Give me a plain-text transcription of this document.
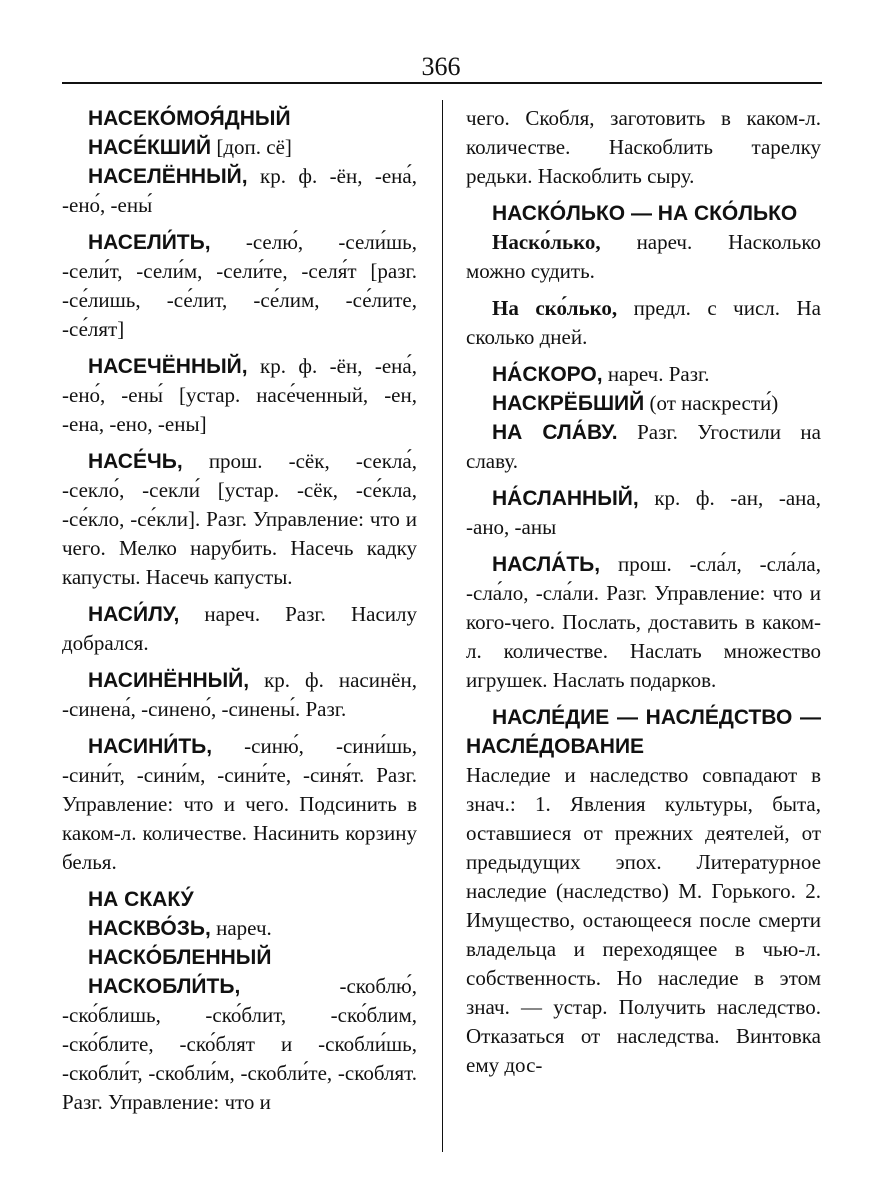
366

НАСЕКО́МОЯ́ДНЫЙ

НАСЕ́КШИЙ [доп. сё]

НАСЕЛЁННЫЙ, кр. ф. -ён, -ена́, -ено́, -ены́

НАСЕЛИ́ТЬ, -селю́, -сели́шь, -сели́т, -сели́м, -сели́те, -селя́т [разг. -се́лишь, -се́лит, -се́лим, -се́лите, -се́лят]

НАСЕЧЁННЫЙ, кр. ф. -ён, -ена́, -ено́, -ены́ [устар. насе́ченный, -ен, -ена, -ено, -ены]

НАСЕ́ЧЬ, прош. -сёк, -секла́, -секло́, -секли́ [устар. -сёк, -се́кла, -се́кло, -се́кли]. Разг. Управление: что и чего. Мелко нарубить. Насечь кадку капусты. Насечь капусты.

НАСИ́ЛУ, нареч. Разг. Насилу добрался.

НАСИНЁННЫЙ, кр. ф. насинён, -синена́, -синено́, -синены́. Разг.

НАСИНИ́ТЬ, -синю́, -сини́шь, -сини́т, -сини́м, -сини́те, -синя́т. Разг. Управление: что и чего. Подсинить в каком-л. количестве. Насинить корзину белья.

НА СКАКУ́

НАСКВО́ЗЬ, нареч.

НАСКО́БЛЕННЫЙ

НАСКОБЛИ́ТЬ, -скоблю́, -ско́блишь, -ско́блит, -ско́блим, -ско́блите, -ско́блят и -скобли́шь, -скобли́т, -скобли́м, -скобли́те, -скоблят. Разг. Управление: что и

чего. Скобля, заготовить в каком-л. количестве. Наскоблить тарелку редьки. Наскоблить сыру.

НАСКО́ЛЬКО — НА СКО́ЛЬКО

Наско́лько, нареч. Насколько можно судить.

На ско́лько, предл. с числ. На сколько дней.

НА́СКОРО, нареч. Разг.

НАСКРЁБШИЙ (от наскрести́)

НА СЛА́ВУ. Разг. Угостили на славу.

НА́СЛАННЫЙ, кр. ф. -ан, -ана, -ано, -аны

НАСЛА́ТЬ, прош. -сла́л, -сла́ла, -сла́ло, -сла́ли. Разг. Управление: что и кого-чего. Послать, доставить в каком-л. количестве. Наслать множество игрушек. Наслать подарков.

НАСЛЕ́ДИЕ — НАСЛЕ́ДСТВО — НАСЛЕ́ДОВАНИЕ

Наследие и наследство совпадают в знач.: 1. Явления культуры, быта, оставшиеся от прежних деятелей, от предыдущих эпох. Литературное наследие (наследство) М. Горького. 2. Имущество, остающееся после смерти владельца и переходящее в чью-л. собственность. Но наследие в этом знач. — устар. Получить наследство. Отказаться от наследства. Винтовка ему дос-
